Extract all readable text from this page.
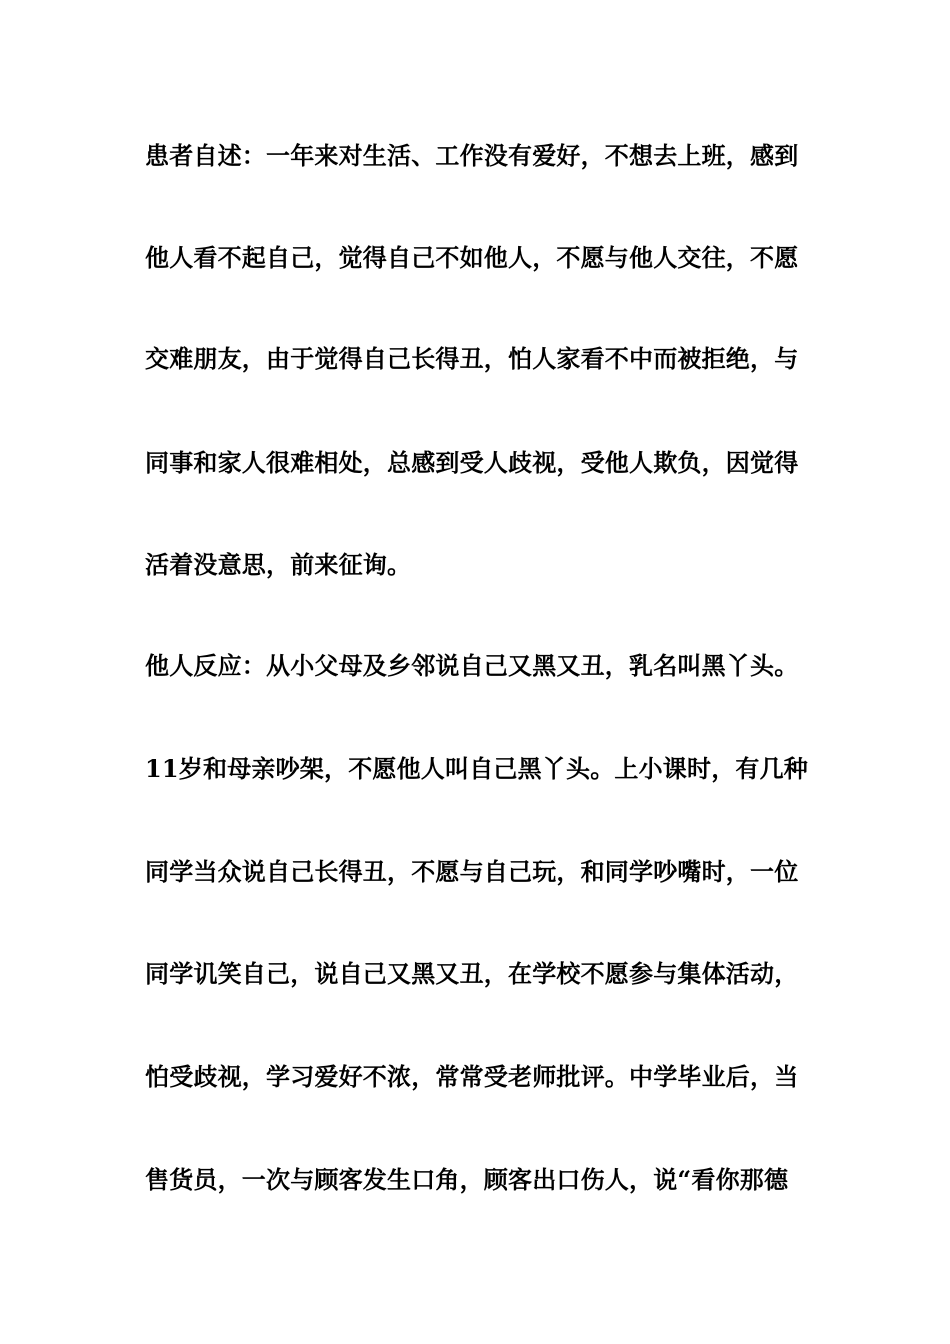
患者自述：一年来对生活、工作没有爱好，不想去上班，感到
他人看不起自己，觉得自己不如他人，不愿与他人交往，不愿
交难朋友，由于觉得自己长得丑，怕人家看不中而被拒绝，与
同事和家人很难相处，总感到受人歧视，受他人欺负，因觉得
活着没意思，前来征询。
他人反应：从小父母及乡邻说自己又黑又丑，乳名叫黑丫头。
11岁和母亲吵架，不愿他人叫自己黑丫头。上小课时，有几种
同学当众说自己长得丑，不愿与自己玩，和同学吵嘴时，一位
同学讥笑自己，说自己又黑又丑，在学校不愿参与集体活动，
怕受歧视，学习爱好不浓，常常受老师批评。中学毕业后，当
售货员，一次与顾客发生口角，顾客出口伤人，说“看你那德
